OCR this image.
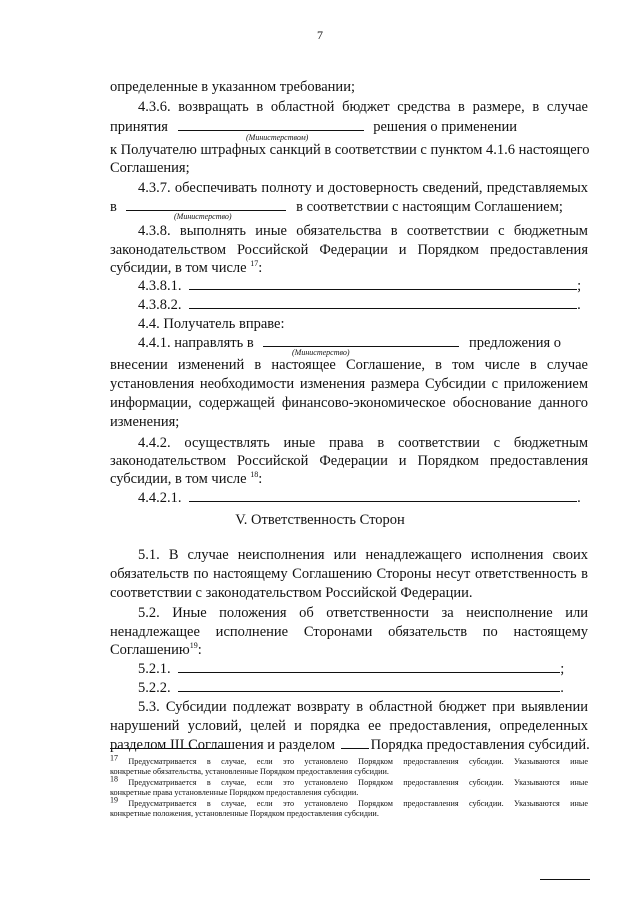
7
определенные в указанном требовании;
4.3.6. возвращать в областной бюджет средства в размере, в случае
принятия	решения о применении
(Министерством)
к Получателю штрафных санкций в соответствии с пунктом 4.1.6 настоящего
Соглашения;
4.3.7. обеспечивать полноту и достоверность сведений, представляемых
в	в соответствии с настоящим Соглашением;
(Министерство)
4.3.8. выполнять иные обязательства в соответствии с бюджетным
законодательством Российской Федерации и Порядком предоставления
субсидии, в том числе $^{17}$:
4.3.8.1.	;
4.3.8.2.	.
4.4. Получатель вправе:
4.4.1. направлять в	предложения о
(Министерство)
внесении изменений в настоящее Соглашение, в том числе в случае
установления необходимости изменения размера Субсидии с приложением
информации, содержащей финансово-экономическое обоснование данного
изменения;
4.4.2. осуществлять иные права в соответствии с бюджетным
законодательством Российской Федерации и Порядком предоставления
субсидии, в том числе $^{18}$:
4.4.2.1.	.
V. Ответственность Сторон
5.1. В случае неисполнения или ненадлежащего исполнения своих
обязательств по настоящему Соглашению Стороны несут ответственность в
соответствии с законодательством Российской Федерации.
5.2. Иные положения об ответственности за неисполнение или
ненадлежащее исполнение Сторонами обязательств по настоящему
Соглашению$^{19}$:
5.2.1.	;
5.2.2.	.
5.3. Субсидии подлежат возврату в областной бюджет при выявлении
нарушений условий, целей и порядка ее предоставления, определенных
разделом III Соглашения и разделом Порядка предоставления субсидий.
$^{17}$ Предусматривается в случае, если это установлено Порядком предоставления субсидии. Указываются иные
конкретные обязательства, установленные Порядком предоставления субсидии.
$^{18}$ Предусматривается в случае, если это установлено Порядком предоставления субсидии. Указываются иные
конкретные права установленные Порядком предоставления субсидии.
$^{19}$ Предусматривается в случае, если это установлено Порядком предоставления субсидии. Указываются иные
конкретные положения, установленные Порядком предоставления субсидии.
